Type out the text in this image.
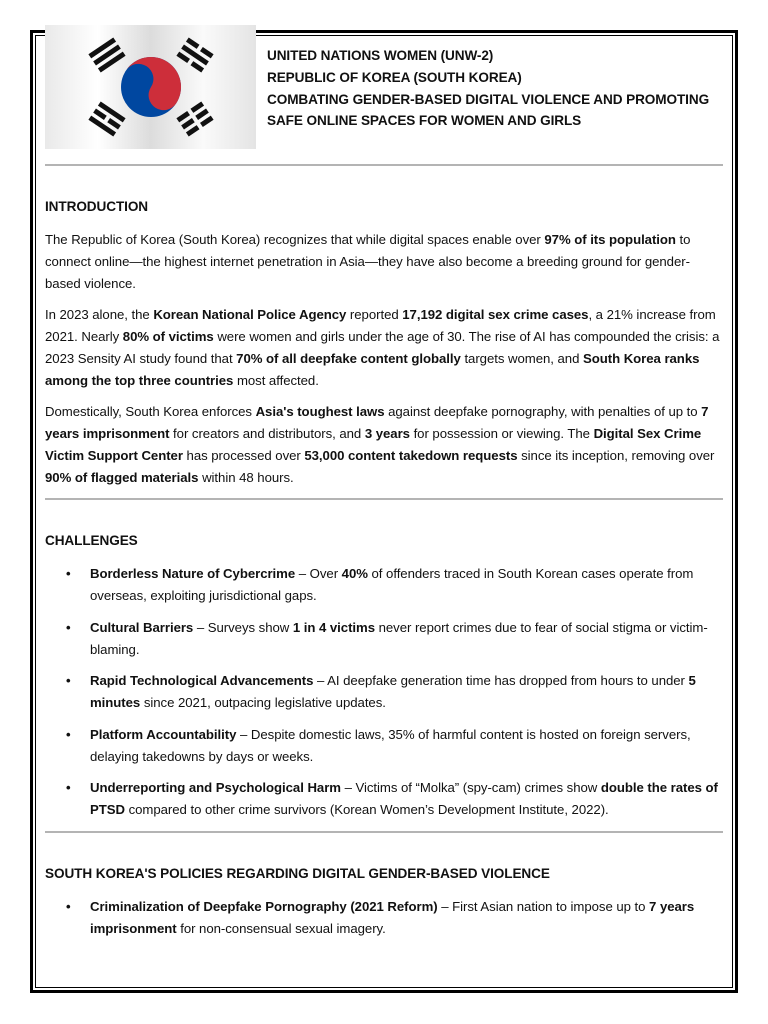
UNITED NATIONS WOMEN (UNW-2)
REPUBLIC OF KOREA (SOUTH KOREA)
COMBATING GENDER-BASED DIGITAL VIOLENCE AND PROMOTING SAFE ONLINE SPACES FOR WOMEN AND GIRLS
INTRODUCTION

The Republic of Korea (South Korea) recognizes that while digital spaces enable over 97% of its population to connect online—the highest internet penetration in Asia—they have also become a breeding ground for gender-based violence.

In 2023 alone, the Korean National Police Agency reported 17,192 digital sex crime cases, a 21% increase from 2021. Nearly 80% of victims were women and girls under the age of 30. The rise of AI has compounded the crisis: a 2023 Sensity AI study found that 70% of all deepfake content globally targets women, and South Korea ranks among the top three countries most affected.

Domestically, South Korea enforces Asia's toughest laws against deepfake pornography, with penalties of up to 7 years imprisonment for creators and distributors, and 3 years for possession or viewing. The Digital Sex Crime Victim Support Center has processed over 53,000 content takedown requests since its inception, removing over 90% of flagged materials within 48 hours.

CHALLENGES
• Borderless Nature of Cybercrime – Over 40% of offenders traced in South Korean cases operate from overseas, exploiting jurisdictional gaps.
• Cultural Barriers – Surveys show 1 in 4 victims never report crimes due to fear of social stigma or victim-blaming.
• Rapid Technological Advancements – AI deepfake generation time has dropped from hours to under 5 minutes since 2021, outpacing legislative updates.
• Platform Accountability – Despite domestic laws, 35% of harmful content is hosted on foreign servers, delaying takedowns by days or weeks.
• Underreporting and Psychological Harm – Victims of “Molka” (spy-cam) crimes show double the rates of PTSD compared to other crime survivors (Korean Women’s Development Institute, 2022).
SOUTH KOREA'S POLICIES REGARDING DIGITAL GENDER-BASED VIOLENCE
• Criminalization of Deepfake Pornography (2021 Reform) – First Asian nation to impose up to 7 years imprisonment for non-consensual sexual imagery.
